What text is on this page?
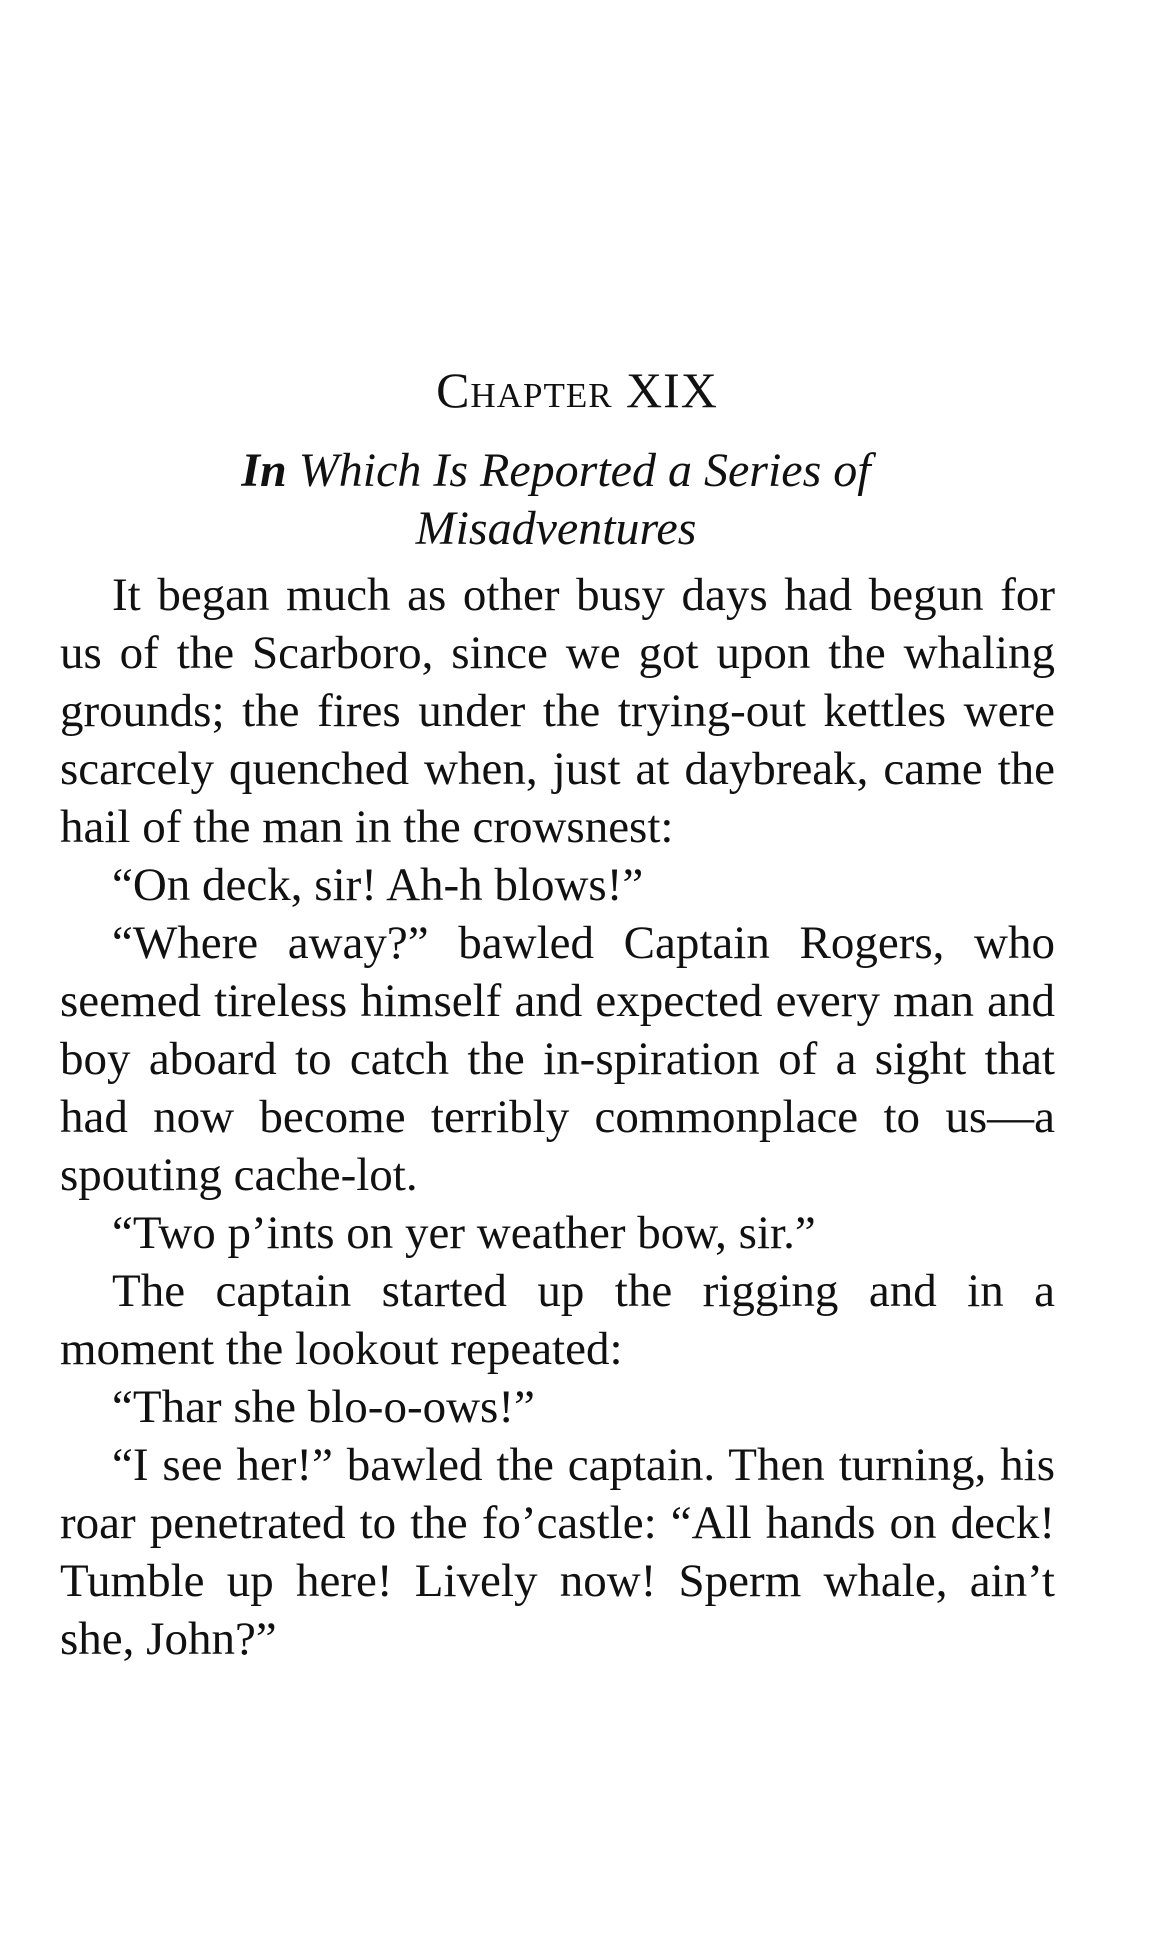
Chapter XIX
In Which Is Reported a Series of Misadventures

It began much as other busy days had begun for us of the Scarboro, since we got upon the whaling grounds; the fires under the trying-out kettles were scarcely quenched when, just at daybreak, came the hail of the man in the crowsnest:

“On deck, sir! Ah-h blows!”

“Where away?” bawled Captain Rogers, who seemed tireless himself and expected every man and boy aboard to catch the in-spiration of a sight that had now become terribly commonplace to us—a spouting cache-lot.

“Two p’ints on yer weather bow, sir.”

The captain started up the rigging and in a moment the lookout repeated:

“Thar she blo-o-ows!”

“I see her!” bawled the captain. Then turning, his roar penetrated to the fo’castle: “All hands on deck! Tumble up here! Lively now! Sperm whale, ain’t she, John?”
